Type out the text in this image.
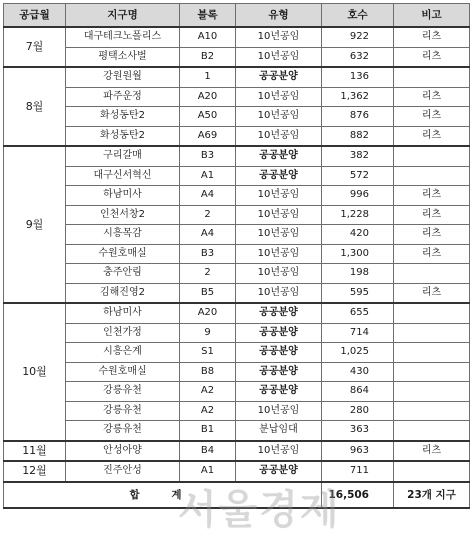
공급월	지구명	블록	유형	호수	비고
7월	대구테크노폴리스	A10	10년공임	922	리츠
	평택소사벌	B2	10년공임	632	리츠
8월	강원원월	1	공공분양	136	
	파주운정	A20	10년공임	1,362	리츠
	화성동탄2	A50	10년공임	876	리츠
	화성동탄2	A69	10년공임	882	리츠
9월	구리갈매	B3	공공분양	382	
	대구신서혁신	A1	공공분양	572	
	하남미사	A4	10년공임	996	리츠
	인천서창2	2	10년공임	1,228	리츠
	시흥목감	A4	10년공임	420	리츠
	수원호매실	B3	10년공임	1,300	리츠
	충주안림	2	10년공임	198	
	김해진영2	B5	10년공임	595	리츠
10월	하남미사	A20	공공분양	655	
	인천가정	9	공공분양	714	
	시흥은계	S1	공공분양	1,025	
	수원호매실	B8	공공분양	430	
	강릉유천	A2	공공분양	864	
	강릉유천	A2	10년공임	280	
	강릉유천	B1	분납임대	363	
11월	안성아양	B4	10년공임	963	리츠
12월	진주안성	A1	공공분양	711	
합 계				16,506	23개 지구
서울경제
